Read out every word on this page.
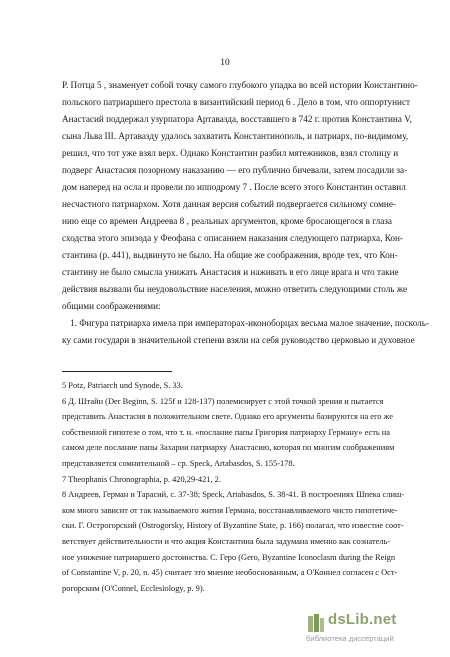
10
Р. Потца 5 , знаменует собой точку самого глубокого упадка во всей истории Константино-
польского патриаршего престола в византийский период 6 . Дело в том, что оппортунист
Анастасий поддержал узурпатора Артавазда, восставшего в 742 г. против Константина V,
сына Льва III. Артавазду удалось захватить Константинополь, и патриарх, по-видимому,
решил, что тот уже взял верх. Однако Константин разбил мятежников, взял столицу и
подверг Анастасия позорному наказанию — его публично бичевали, затем посадили за-
дом наперед на осла и провели по ипподрому 7 . После всего этого Константин оставил
несчастного патриархом. Хотя данная версия событий подвергается сильному сомне-
нию еще со времен Андреева 8 , реальных аргументов, кроме бросающегося в глаза
сходства этого эпизода у Феофана с описанием наказания следующего патриарха, Кон-
стантина (р. 441), выдвинуто не было. На общие же соображения, вроде тех, что Кон-
стантину не было смысла унижать Анастасия и наживать в его лице врага и что такие
действия вызвали бы неудовольствие населения, можно ответить следующими столь же
общими соображениями:
1. Фигура патриарха имела при императорах-иконоборцах весьма малое значение, посколь-
ку сами государи в значительной степени взяли на себя руководство церковью и духовное
5 Potz, Patriarch und Synode, S. 33.
6 Д. Штайн (Der Beginn, S. 125f и 128-137) полемизирует с этой точкой зрения и пытается
представить Анастасия в положительном свете. Однако его аргументы базируются на его же
собственной гипотезе о том, что т. н. «послание папы Григория патриарху Герману» есть на
самом деле послание папы Захарии патриарху Анастасию, которая по многим соображениям
представляется сомнительной – ср. Speck, Artabasdos, S. 155-178.
7 Theophanis Chronographia, p. 420,29-421, 2.
8 Андреев, Герман и Тарасий, с. 37-38; Speck, Artabasdos, S. 38-41. В построениях Шпека слиш-
ком много зависит от так называемого жития Германа, восстанавливаемого чисто гипотетиче-
ски. Г. Острогорский (Ostrogorsky, History of Byzantine State, p. 166) полагал, что известие соот-
ветствует действительности и что акция Константина была задумана именно как сознатель-
ное унижение патриаршего достоинства. С. Геро (Gero, Byzantine Iconoclasm during the Reign
of Constantine V, p. 20, n. 45) считает это мнение необоснованным, а О'Коннел согласен с Ост-
рогорским (O'Connel, Ecclesiology, p. 9).
dsLib.net
библиотека диссертаций
